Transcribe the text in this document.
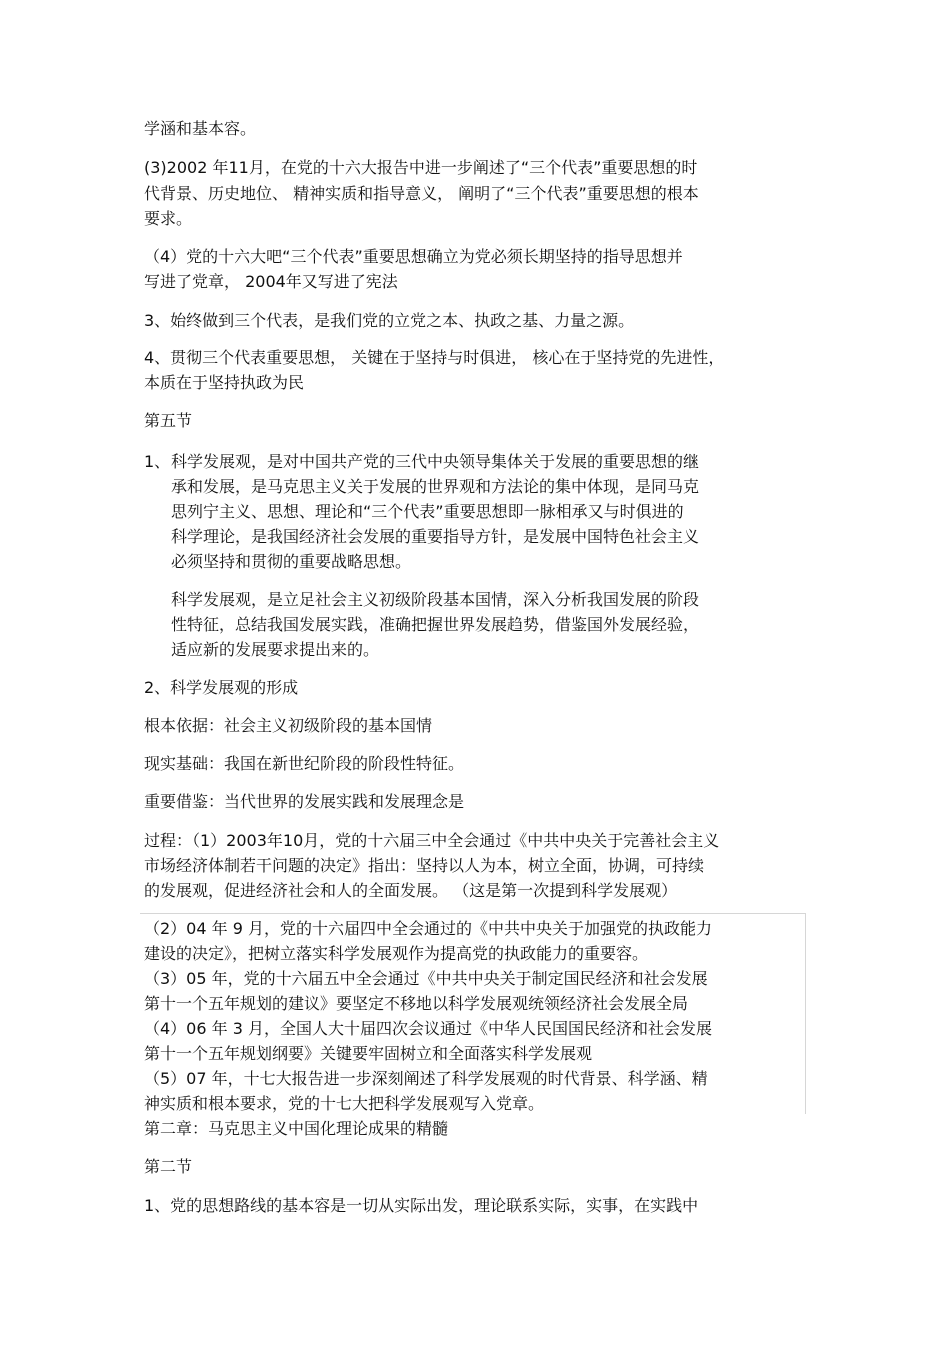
学涵和基本容。
(3)2002 年11月，在党的十六大报告中进一步阐述了“三个代表”重要思想的时
代背景、历史地位、 精神实质和指导意义， 阐明了“三个代表”重要思想的根本
要求。
（4）党的十六大吧“三个代表”重要思想确立为党必须长期坚持的指导思想并
写进了党章， 2004年又写进了宪法
3、始终做到三个代表，是我们党的立党之本、执政之基、力量之源。
4、贯彻三个代表重要思想， 关键在于坚持与时俱进， 核心在于坚持党的先进性，
本质在于坚持执政为民
第五节
1、 科学发展观，是对中国共产党的三代中央领导集体关于发展的重要思想的继
承和发展，是马克思主义关于发展的世界观和方法论的集中体现，是同马克
思列宁主义、思想、理论和“三个代表”重要思想即一脉相承又与时俱进的
科学理论，是我国经济社会发展的重要指导方针，是发展中国特色社会主义
必须坚持和贯彻的重要战略思想。
科学发展观，是立足社会主义初级阶段基本国情，深入分析我国发展的阶段
性特征，总结我国发展实践，准确把握世界发展趋势，借鉴国外发展经验，
适应新的发展要求提出来的。
2、科学发展观的形成
根本依据：社会主义初级阶段的基本国情
现实基础：我国在新世纪阶段的阶段性特征。
重要借鉴：当代世界的发展实践和发展理念是
过程：（1）2003年10月，党的十六届三中全会通过《中共中央关于完善社会主义
市场经济体制若干问题的决定》指出：坚持以人为本，树立全面，协调，可持续
的发展观，促进经济社会和人的全面发展。 （这是第一次提到科学发展观）
（2）04 年 9 月，党的十六届四中全会通过的《中共中央关于加强党的执政能力
建设的决定》，把树立落实科学发展观作为提高党的执政能力的重要容。
（3）05 年，党的十六届五中全会通过《中共中央关于制定国民经济和社会发展
第十一个五年规划的建议》要坚定不移地以科学发展观统领经济社会发展全局
（4）06 年 3 月，全国人大十届四次会议通过《中华人民国国民经济和社会发展
第十一个五年规划纲要》关键要牢固树立和全面落实科学发展观
（5）07 年，十七大报告进一步深刻阐述了科学发展观的时代背景、科学涵、精
神实质和根本要求，党的十七大把科学发展观写入党章。
第二章：马克思主义中国化理论成果的精髓
第二节
1、党的思想路线的基本容是一切从实际出发，理论联系实际，实事，在实践中
